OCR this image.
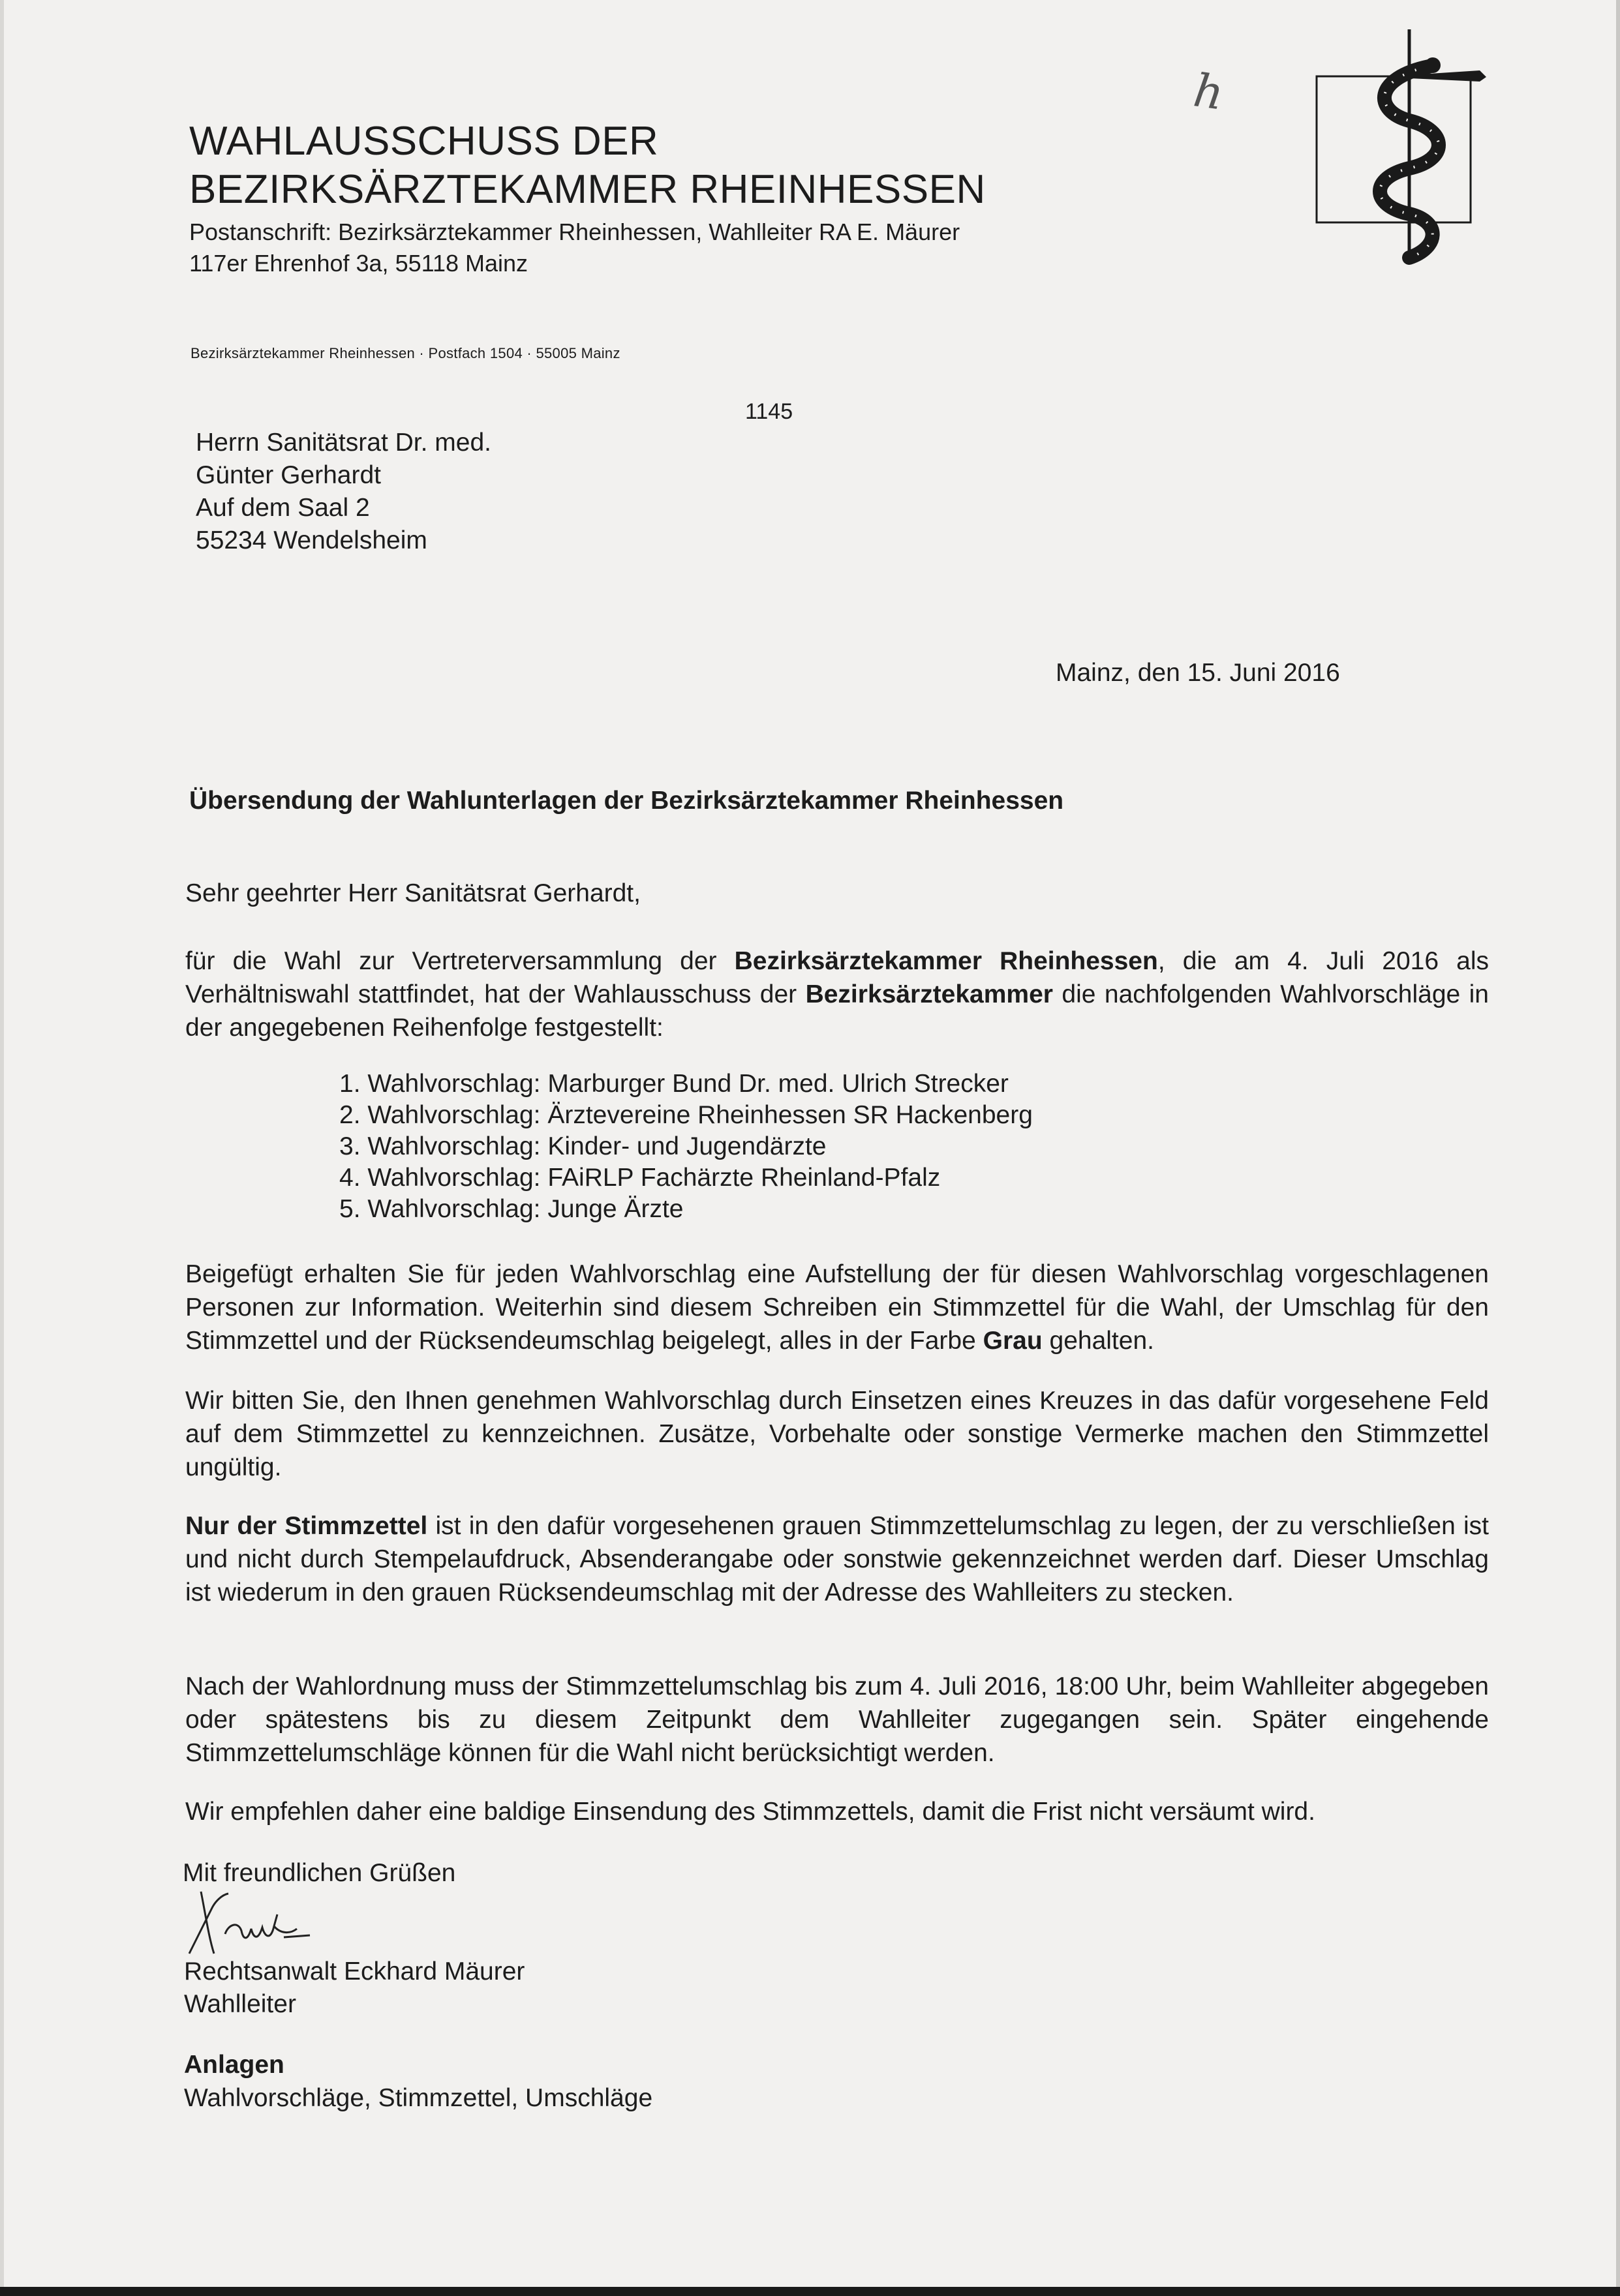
WAHLAUSSCHUSS DER
BEZIRKSÄRZTEKAMMER RHEINHESSEN
Postanschrift: Bezirksärztekammer Rheinhessen, Wahlleiter RA E. Mäurer
117er Ehrenhof 3a, 55118 Mainz
h
Bezirksärztekammer Rheinhessen · Postfach 1504 · 55005 Mainz
1145
Herrn Sanitätsrat Dr. med.
Günter Gerhardt
Auf dem Saal 2
55234 Wendelsheim
Mainz, den 15. Juni 2016
Übersendung der Wahlunterlagen der Bezirksärztekammer Rheinhessen
Sehr geehrter Herr Sanitätsrat Gerhardt,
für die Wahl zur Vertreterversammlung der Bezirksärztekammer Rheinhessen, die am 4. Juli 2016 als Verhältniswahl stattfindet, hat der Wahlausschuss der Bezirksärztekammer die nachfolgenden Wahlvorschläge in der angegebenen Reihenfolge festgestellt:
1. Wahlvorschlag: Marburger Bund Dr. med. Ulrich Strecker
2. Wahlvorschlag: Ärztevereine Rheinhessen SR Hackenberg
3. Wahlvorschlag: Kinder- und Jugendärzte
4. Wahlvorschlag: FAiRLP Fachärzte Rheinland-Pfalz
5. Wahlvorschlag: Junge Ärzte
Beigefügt erhalten Sie für jeden Wahlvorschlag eine Aufstellung der für diesen Wahlvorschlag vorgeschlagenen Personen zur Information. Weiterhin sind diesem Schreiben ein Stimmzettel für die Wahl, der Umschlag für den Stimmzettel und der Rücksendeumschlag beigelegt, alles in der Farbe Grau gehalten.
Wir bitten Sie, den Ihnen genehmen Wahlvorschlag durch Einsetzen eines Kreuzes in das dafür vorgesehene Feld auf dem Stimmzettel zu kennzeichnen. Zusätze, Vorbehalte oder sonstige Vermerke machen den Stimmzettel ungültig.
Nur der Stimmzettel ist in den dafür vorgesehenen grauen Stimmzettelumschlag zu legen, der zu verschließen ist und nicht durch Stempelaufdruck, Absenderangabe oder sonstwie gekennzeichnet werden darf. Dieser Umschlag ist wiederum in den grauen Rücksendeumschlag mit der Adresse des Wahlleiters zu stecken.
Nach der Wahlordnung muss der Stimmzettelumschlag bis zum 4. Juli 2016, 18:00 Uhr, beim Wahlleiter abgegeben oder spätestens bis zu diesem Zeitpunkt dem Wahlleiter zugegangen sein. Später eingehende Stimmzettelumschläge können für die Wahl nicht berücksichtigt werden.
Wir empfehlen daher eine baldige Einsendung des Stimmzettels, damit die Frist nicht versäumt wird.
Mit freundlichen Grüßen
Rechtsanwalt Eckhard Mäurer
Wahlleiter
Anlagen
Wahlvorschläge, Stimmzettel, Umschläge
